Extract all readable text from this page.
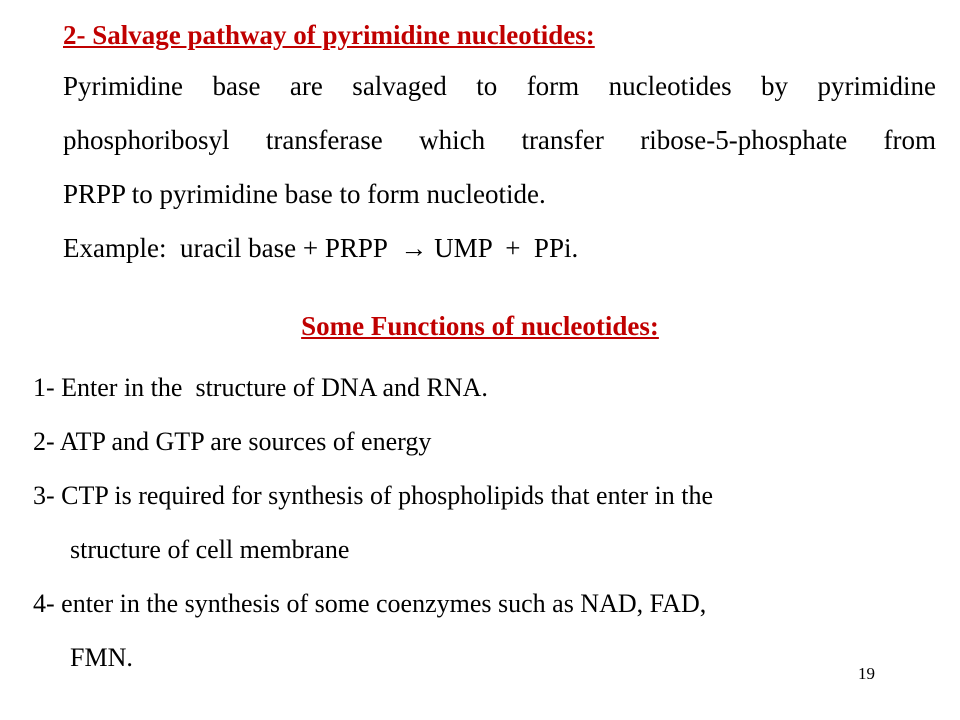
2- Salvage pathway of pyrimidine nucleotides:
Pyrimidine base are salvaged to form nucleotides by pyrimidine
phosphoribosyl transferase which transfer ribose-5-phosphate from
PRPP to pyrimidine base to form nucleotide.
Example:  uracil base + PRPP  → UMP  +  PPi.
Some Functions of nucleotides:
1- Enter in the  structure of DNA and RNA.
2- ATP and GTP are sources of energy
3- CTP is required for synthesis of phospholipids that enter in the
structure of cell membrane
4- enter in the synthesis of some coenzymes such as NAD, FAD,
FMN.
19
